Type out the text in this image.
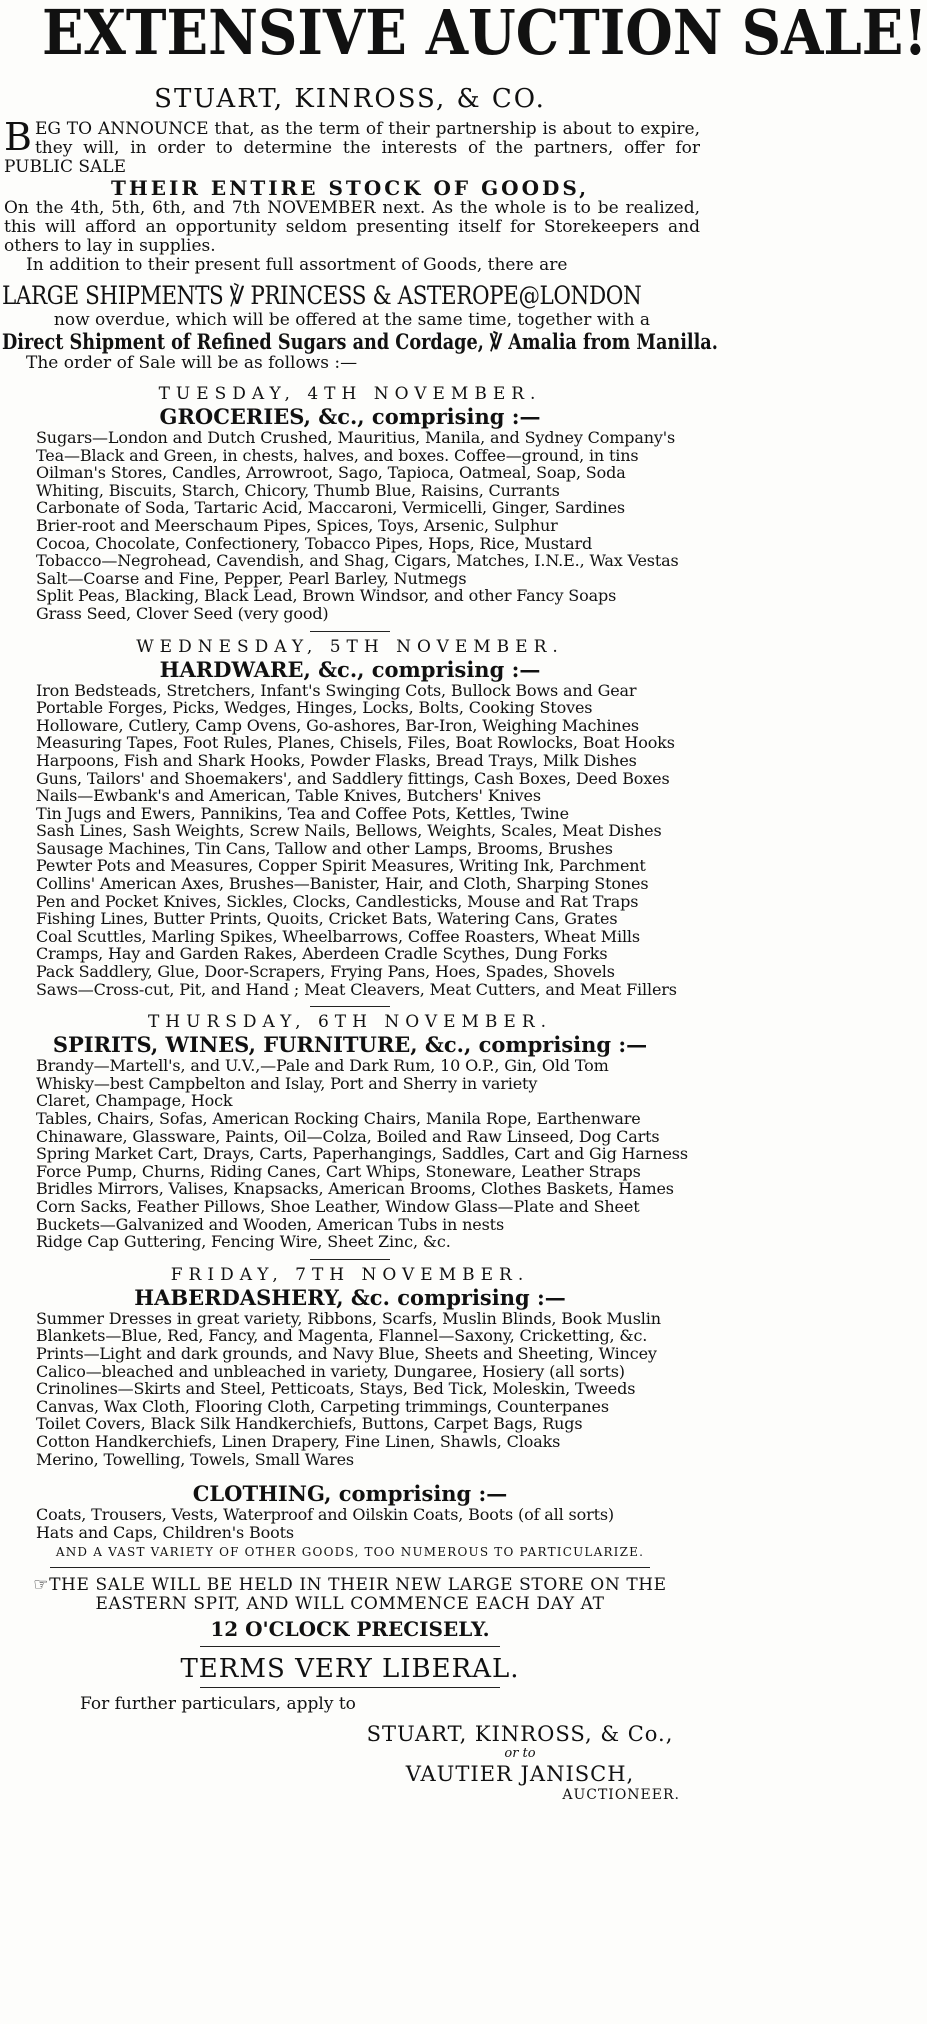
EXTENSIVE AUCTION SALE!
STUART, KINROSS, & CO.
BEG TO ANNOUNCE that, as the term of their partnership is about to expire, they will, in order to determine the interests of the partners, offer for PUBLIC SALE
THEIR ENTIRE STOCK OF GOODS,
On the 4th, 5th, 6th, and 7th NOVEMBER next. As the whole is to be realized, this will afford an opportunity seldom presenting itself for Storekeepers and others to lay in supplies.
In addition to their present full assortment of Goods, there are
LARGE SHIPMENTS ℣ PRINCESS & ASTEROPE@LONDON
now overdue, which will be offered at the same time, together with a
Direct Shipment of Refined Sugars and Cordage, ℣ Amalia from Manilla.
The order of Sale will be as follows :—
TUESDAY, 4TH NOVEMBER.
GROCERIES, &c., comprising :—
Sugars—London and Dutch Crushed, Mauritius, Manila, and Sydney Company's
Tea—Black and Green, in chests, halves, and boxes. Coffee—ground, in tins
Oilman's Stores, Candles, Arrowroot, Sago, Tapioca, Oatmeal, Soap, Soda
Whiting, Biscuits, Starch, Chicory, Thumb Blue, Raisins, Currants
Carbonate of Soda, Tartaric Acid, Maccaroni, Vermicelli, Ginger, Sardines
Brier-root and Meerschaum Pipes, Spices, Toys, Arsenic, Sulphur
Cocoa, Chocolate, Confectionery, Tobacco Pipes, Hops, Rice, Mustard
Tobacco—Negrohead, Cavendish, and Shag, Cigars, Matches, I.N.E., Wax Vestas
Salt—Coarse and Fine, Pepper, Pearl Barley, Nutmegs
Split Peas, Blacking, Black Lead, Brown Windsor, and other Fancy Soaps
Grass Seed, Clover Seed (very good)
WEDNESDAY, 5TH NOVEMBER.
HARDWARE, &c., comprising :—
Iron Bedsteads, Stretchers, Infant's Swinging Cots, Bullock Bows and Gear
Portable Forges, Picks, Wedges, Hinges, Locks, Bolts, Cooking Stoves
Holloware, Cutlery, Camp Ovens, Go-ashores, Bar-Iron, Weighing Machines
Measuring Tapes, Foot Rules, Planes, Chisels, Files, Boat Rowlocks, Boat Hooks
Harpoons, Fish and Shark Hooks, Powder Flasks, Bread Trays, Milk Dishes
Guns, Tailors' and Shoemakers', and Saddlery fittings, Cash Boxes, Deed Boxes
Nails—Ewbank's and American, Table Knives, Butchers' Knives
Tin Jugs and Ewers, Pannikins, Tea and Coffee Pots, Kettles, Twine
Sash Lines, Sash Weights, Screw Nails, Bellows, Weights, Scales, Meat Dishes
Sausage Machines, Tin Cans, Tallow and other Lamps, Brooms, Brushes
Pewter Pots and Measures, Copper Spirit Measures, Writing Ink, Parchment
Collins' American Axes, Brushes—Banister, Hair, and Cloth, Sharping Stones
Pen and Pocket Knives, Sickles, Clocks, Candlesticks, Mouse and Rat Traps
Fishing Lines, Butter Prints, Quoits, Cricket Bats, Watering Cans, Grates
Coal Scuttles, Marling Spikes, Wheelbarrows, Coffee Roasters, Wheat Mills
Cramps, Hay and Garden Rakes, Aberdeen Cradle Scythes, Dung Forks
Pack Saddlery, Glue, Door-Scrapers, Frying Pans, Hoes, Spades, Shovels
Saws—Cross-cut, Pit, and Hand ; Meat Cleavers, Meat Cutters, and Meat Fillers
THURSDAY, 6TH NOVEMBER.
SPIRITS, WINES, FURNITURE, &c., comprising :—
Brandy—Martell's, and U.V.,—Pale and Dark Rum, 10 O.P., Gin, Old Tom
Whisky—best Campbelton and Islay, Port and Sherry in variety
Claret, Champage, Hock
Tables, Chairs, Sofas, American Rocking Chairs, Manila Rope, Earthenware
Chinaware, Glassware, Paints, Oil—Colza, Boiled and Raw Linseed, Dog Carts
Spring Market Cart, Drays, Carts, Paperhangings, Saddles, Cart and Gig Harness
Force Pump, Churns, Riding Canes, Cart Whips, Stoneware, Leather Straps
Bridles Mirrors, Valises, Knapsacks, American Brooms, Clothes Baskets, Hames
Corn Sacks, Feather Pillows, Shoe Leather, Window Glass—Plate and Sheet
Buckets—Galvanized and Wooden, American Tubs in nests
Ridge Cap Guttering, Fencing Wire, Sheet Zinc, &c.
FRIDAY, 7TH NOVEMBER.
HABERDASHERY, &c. comprising :—
Summer Dresses in great variety, Ribbons, Scarfs, Muslin Blinds, Book Muslin
Blankets—Blue, Red, Fancy, and Magenta, Flannel—Saxony, Cricketting, &c.
Prints—Light and dark grounds, and Navy Blue, Sheets and Sheeting, Wincey
Calico—bleached and unbleached in variety, Dungaree, Hosiery (all sorts)
Crinolines—Skirts and Steel, Petticoats, Stays, Bed Tick, Moleskin, Tweeds
Canvas, Wax Cloth, Flooring Cloth, Carpeting trimmings, Counterpanes
Toilet Covers, Black Silk Handkerchiefs, Buttons, Carpet Bags, Rugs
Cotton Handkerchiefs, Linen Drapery, Fine Linen, Shawls, Cloaks
Merino, Towelling, Towels, Small Wares
CLOTHING, comprising :—
Coats, Trousers, Vests, Waterproof and Oilskin Coats, Boots (of all sorts)
Hats and Caps, Children's Boots
AND A VAST VARIETY OF OTHER GOODS, TOO NUMEROUS TO PARTICULARIZE.
☞THE SALE WILL BE HELD IN THEIR NEW LARGE STORE ON THE EASTERN SPIT, AND WILL COMMENCE EACH DAY AT
12 O'CLOCK PRECISELY.
TERMS VERY LIBERAL.
For further particulars, apply to
STUART, KINROSS, & Co.,
or to
VAUTIER JANISCH,
AUCTIONEER.
